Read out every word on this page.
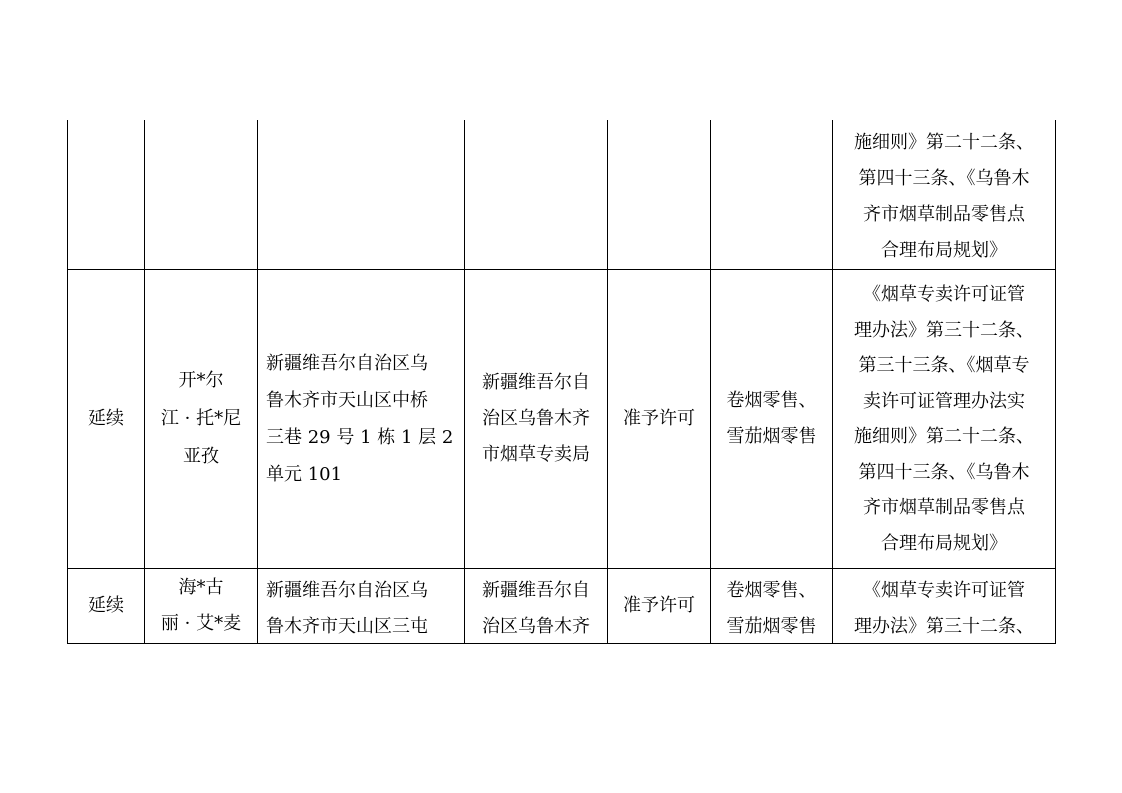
施细则》第二十二条、
第四十三条、《乌鲁木
齐市烟草制品零售点
合理布局规划》
延续
开*尔
江 · 托*尼
亚孜
新疆维吾尔自治区乌
鲁木齐市天山区中桥
三巷 29 号 1 栋 1 层 2
单元 101
新疆维吾尔自
治区乌鲁木齐
市烟草专卖局
准予许可
卷烟零售、
雪茄烟零售
《烟草专卖许可证管
理办法》第三十二条、
第三十三条、《烟草专
卖许可证管理办法实
施细则》第二十二条、
第四十三条、《乌鲁木
齐市烟草制品零售点
合理布局规划》
延续
海*古
丽 · 艾*麦
新疆维吾尔自治区乌
鲁木齐市天山区三屯
新疆维吾尔自
治区乌鲁木齐
准予许可
卷烟零售、
雪茄烟零售
《烟草专卖许可证管
理办法》第三十二条、
